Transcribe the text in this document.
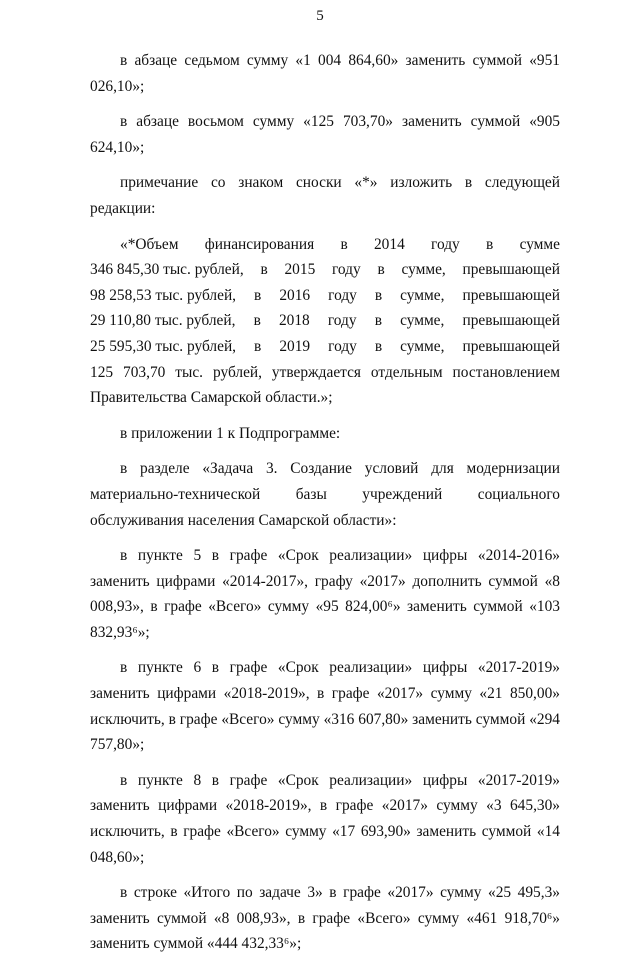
5

в абзаце седьмом сумму «1 004 864,60» заменить суммой «951 026,10»;

в абзаце восьмом сумму «125 703,70» заменить суммой «905 624,10»;

примечание со знаком сноски «*» изложить в следующей редакции:

«*Объем финансирования в 2014 году в сумме
346 845,30 тыс. рублей, в 2015 году в сумме, превышающей
98 258,53 тыс. рублей, в 2016 году в сумме, превышающей
29 110,80 тыс. рублей, в 2018 году в сумме, превышающей
25 595,30 тыс. рублей, в 2019 году в сумме, превышающей
125 703,70 тыс. рублей, утверждается отдельным постановлением Правительства Самарской области.»;

в приложении 1 к Подпрограмме:

в разделе «Задача 3. Создание условий для модернизации материально-технической базы учреждений социального обслуживания населения Самарской области»:

в пункте 5 в графе «Срок реализации» цифры «2014-2016» заменить цифрами «2014-2017», графу «2017» дополнить суммой «8 008,93», в графе «Всего» сумму «95 824,00⁶» заменить суммой «103 832,93⁶»;

в пункте 6 в графе «Срок реализации» цифры «2017-2019» заменить цифрами «2018-2019», в графе «2017» сумму «21 850,00» исключить, в графе «Всего» сумму «316 607,80» заменить суммой «294 757,80»;

в пункте 8 в графе «Срок реализации» цифры «2017-2019» заменить цифрами «2018-2019», в графе «2017» сумму «3 645,30» исключить, в графе «Всего» сумму «17 693,90» заменить суммой «14 048,60»;

в строке «Итого по задаче 3» в графе «2017» сумму «25 495,3» заменить суммой «8 008,93», в графе «Всего» сумму «461 918,70⁶» заменить суммой «444 432,33⁶»;
